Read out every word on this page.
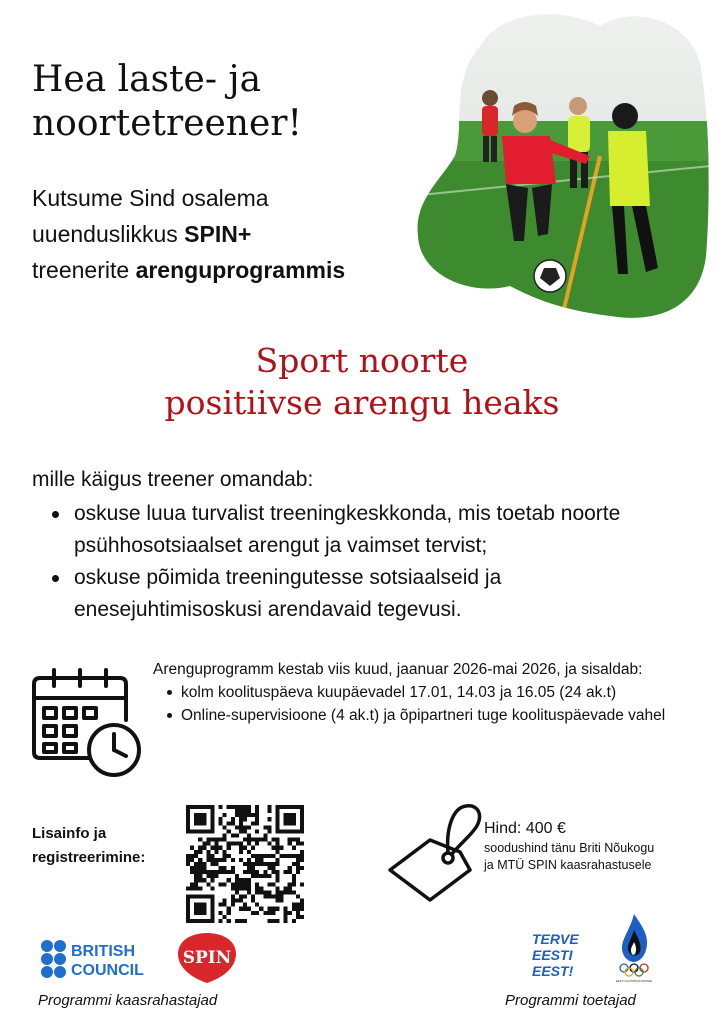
Hea laste- ja
noortetreener!
Kutsume Sind osalema
uuenduslikkus SPIN+
treenerite arenguprogrammis
Sport noorte
positiivse arengu heaks
mille käigus treener omandab:
oskuse luua turvalist treeningkeskkonda, mis toetab noorte psühhosotsiaalset arengut ja vaimset tervist;
oskuse põimida treeningutesse sotsiaalseid ja enesejuhtimisoskusi arendavaid tegevusi.
Arenguprogramm kestab viis kuud, jaanuar 2026-mai 2026, ja sisaldab:
kolm koolituspäeva kuupäevadel 17.01, 14.03 ja 16.05 (24 ak.t)
Online-supervisioone (4 ak.t) ja õpipartneri tuge koolituspäevade vahel
Lisainfo ja
registreerimine:
Hind: 400 €
soodushind tänu Briti Nõukogu
ja MTÜ SPIN kaasrahastusele
BRITISH
COUNCIL
SPIN
Programmi kaasrahastajad
TERVE
EESTI
EEST!
EESTI OLÜMPIAKOMITEE
Programmi toetajad
